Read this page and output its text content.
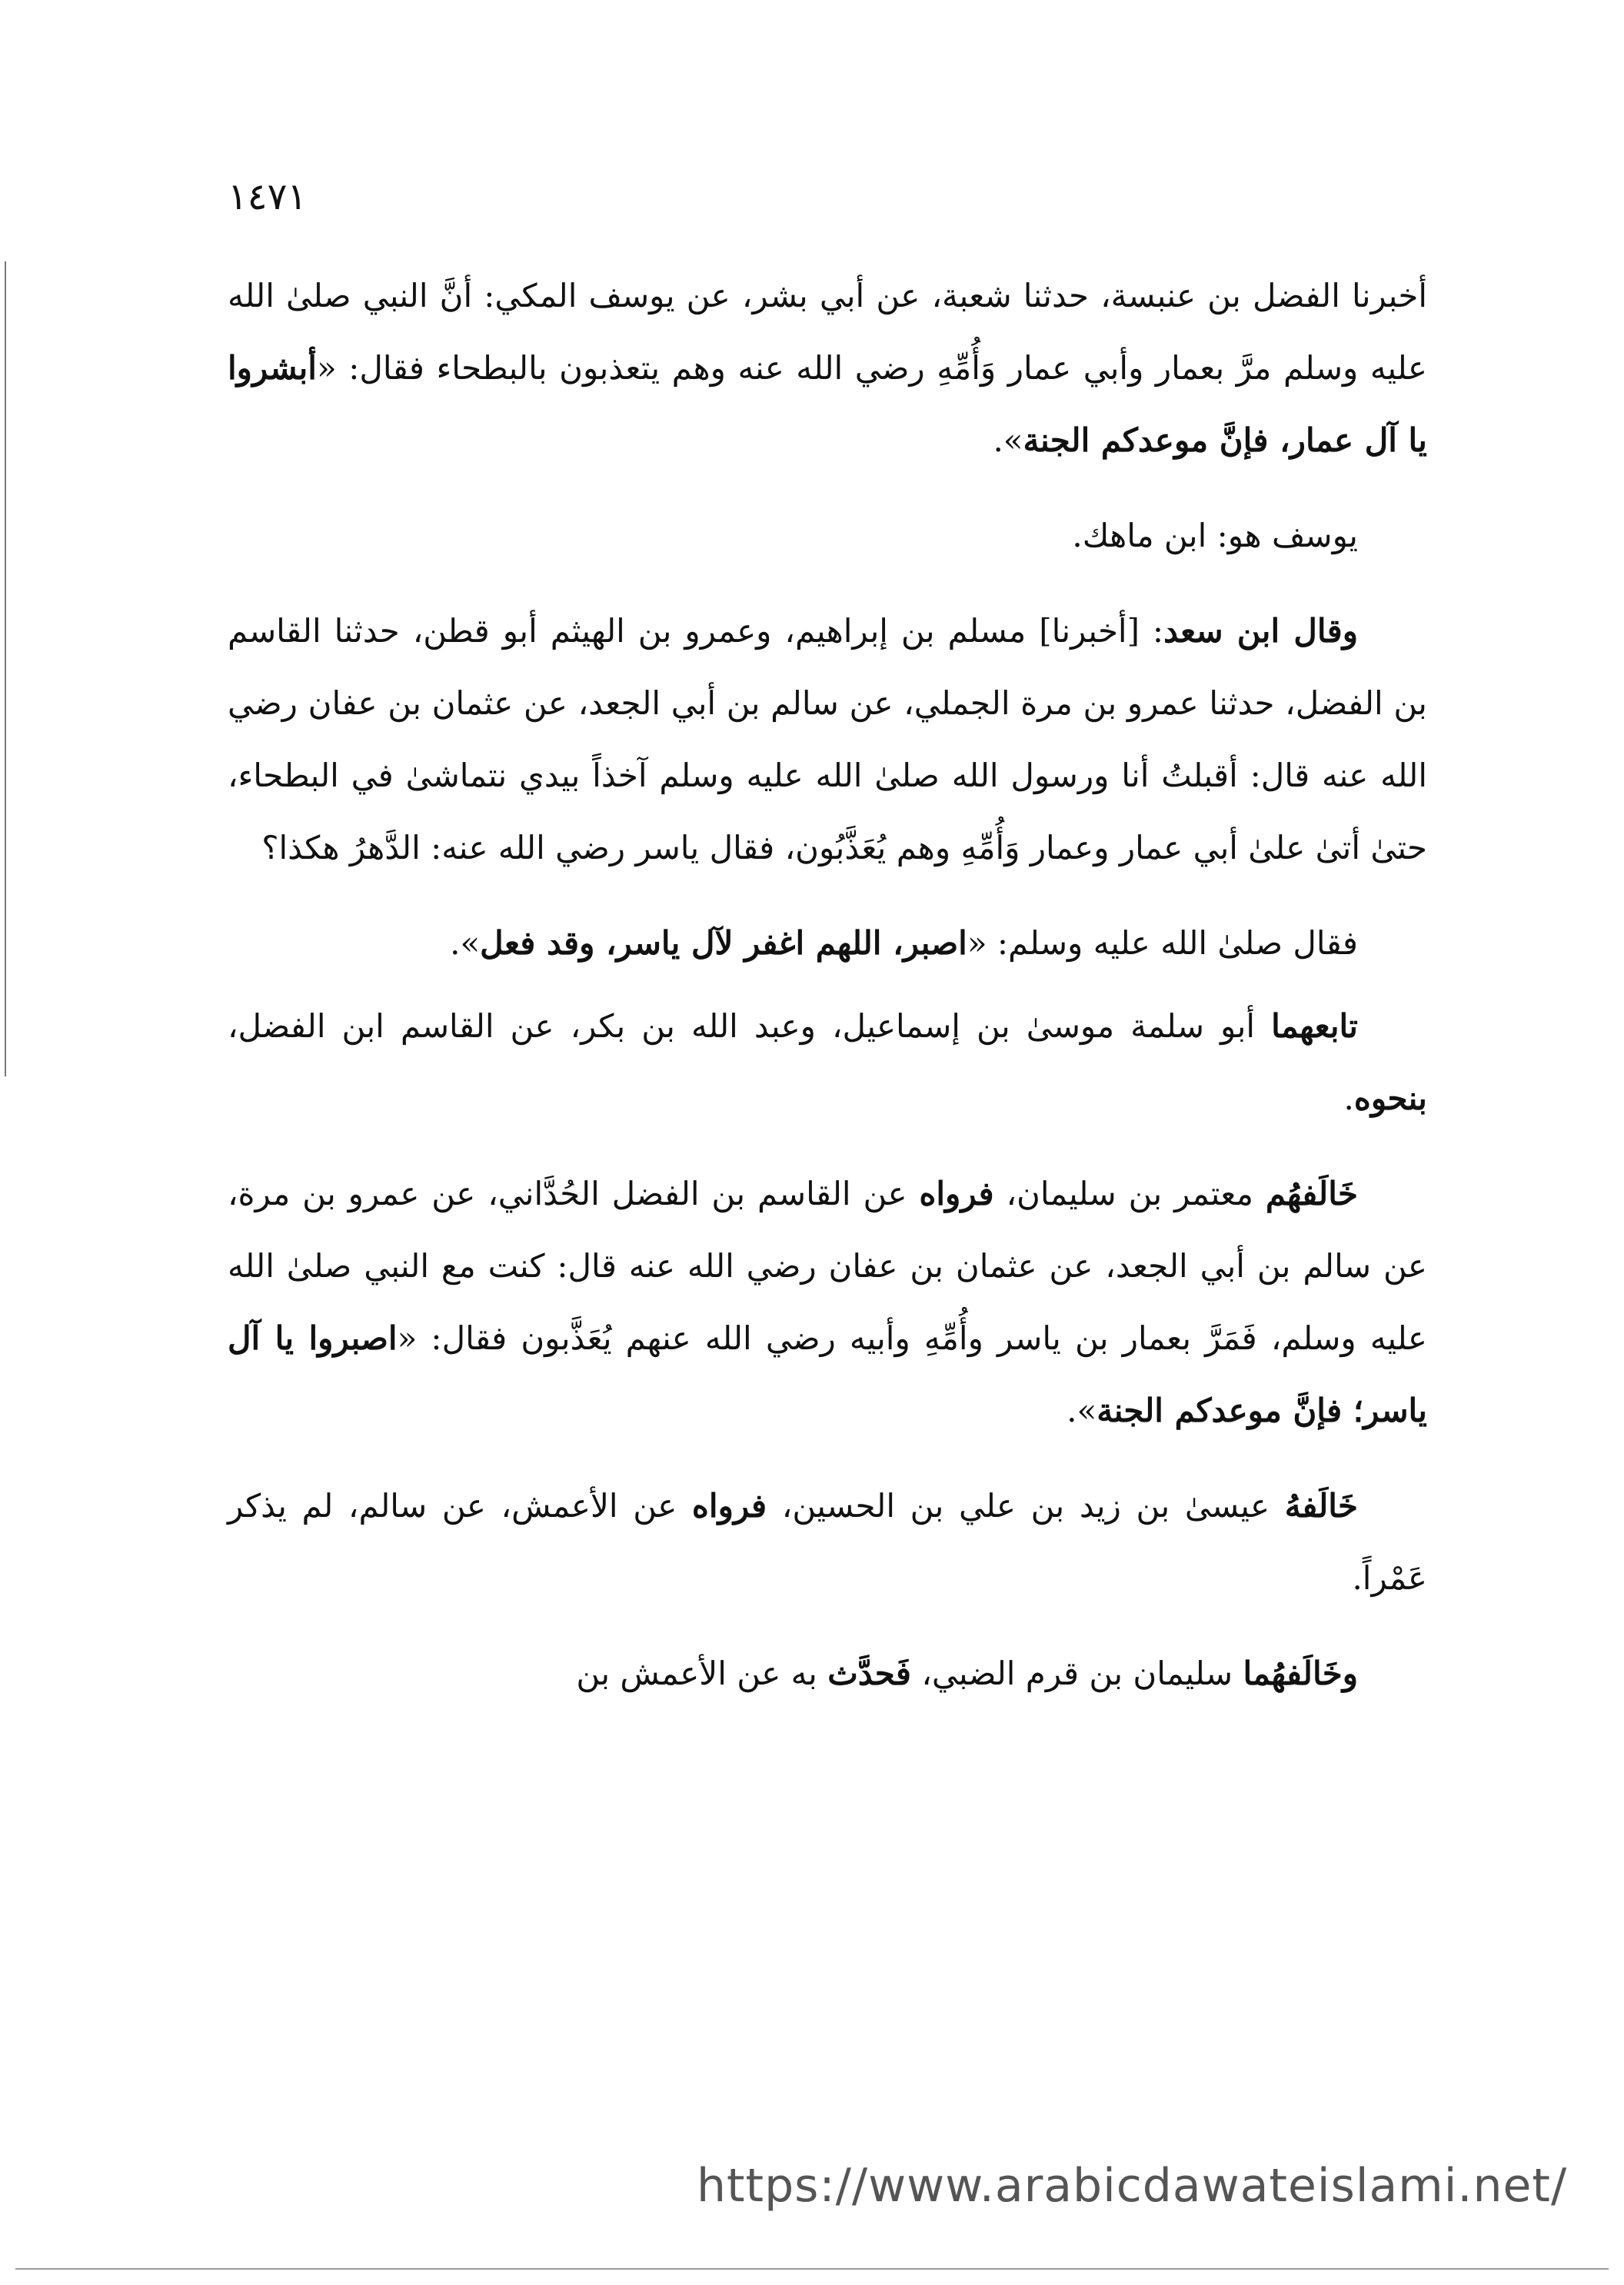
١٤٧١

أخبرنا الفضل بن عنبسة، حدثنا شعبة، عن أبي بشر، عن يوسف المكي: أنَّ النبي صلىٰ الله عليه وسلم مرَّ بعمار وأبي عمار وَأُمِّهِ رضي الله عنه وهم يتعذبون بالبطحاء فقال: «أبشروا يا آل عمار، فإنَّ موعدكم الجنة».

يوسف هو: ابن ماهك.

وقال ابن سعد: [أخبرنا] مسلم بن إبراهيم، وعمرو بن الهيثم أبو قطن، حدثنا القاسم بن الفضل، حدثنا عمرو بن مرة الجملي، عن سالم بن أبي الجعد، عن عثمان بن عفان رضي الله عنه قال: أقبلتُ أنا ورسول الله صلىٰ الله عليه وسلم آخذاً بيدي نتماشىٰ في البطحاء، حتىٰ أتىٰ علىٰ أبي عمار وعمار وَأُمِّهِ وهم يُعَذَّبُون، فقال ياسر رضي الله عنه: الدَّهرُ هكذا؟

فقال صلىٰ الله عليه وسلم: «اصبر، اللهم اغفر لآل ياسر، وقد فعل».

تابعهما أبو سلمة موسىٰ بن إسماعيل، وعبد الله بن بكر، عن القاسم ابن الفضل، بنحوه.

خَالَفهُم معتمر بن سليمان، فرواه عن القاسم بن الفضل الحُدَّاني، عن عمرو بن مرة، عن سالم بن أبي الجعد، عن عثمان بن عفان رضي الله عنه قال: كنت مع النبي صلىٰ الله عليه وسلم، فَمَرَّ بعمار بن ياسر وأُمِّهِ وأبيه رضي الله عنهم يُعَذَّبون فقال: «اصبروا يا آل ياسر؛ فإنَّ موعدكم الجنة».

خَالَفهُ عيسىٰ بن زيد بن علي بن الحسين، فرواه عن الأعمش، عن سالم، لم يذكر عَمْراً.

وخَالَفهُما سليمان بن قرم الضبي، فَحدَّث به عن الأعمش بن

https://www.arabicdawateislami.net/
